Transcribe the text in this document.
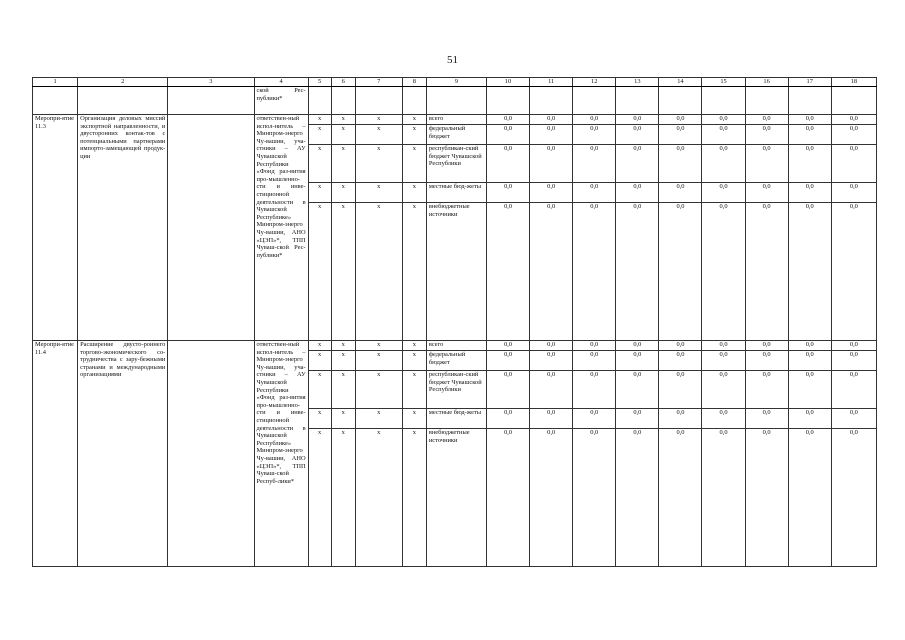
51
1	2	3	4	5	6	7	8	9	10	11	12	13	14	15	16	17	18
			ской Рес-публики*														
Меропри-ятие 11.3	Организация деловых миссий экспортной направленности, и двусторонних контак-тов с потенциальными партнерами импорто-замещающей продук-ции		ответствен-ный испол-нитель – Минпром-энерго Чу-вашии, уча-стники – АУ Чувашской Республики «Фонд раз-вития про-мышленно-сти и инве-стиционной деятельности в Чувашской Республике» Минпром-энерго Чу-вашии, АНО «ЦЭП»*, ТПП Чуваш-ской Рес-публики*	x	x	x	x	всего	0,0	0,0	0,0	0,0	0,0	0,0	0,0	0,0	0,0
				x	x	x	x	федеральный бюджет	0,0	0,0	0,0	0,0	0,0	0,0	0,0	0,0	0,0
				x	x	x	x	республикан-ский бюджет Чувашской Республики	0,0	0,0	0,0	0,0	0,0	0,0	0,0	0,0	0,0
				x	x	x	x	местные бюд-жеты	0,0	0,0	0,0	0,0	0,0	0,0	0,0	0,0	0,0
				x	x	x	x	внебюджетные источники	0,0	0,0	0,0	0,0	0,0	0,0	0,0	0,0	0,0
Меропри-ятие 11.4	Расширение двусто-роннего торгово-экономического со-трудничества с зару-бежными странами и международными организациями		ответствен-ный испол-нитель – Минпром-энерго Чу-вашии, уча-стники – АУ Чувашской Республики «Фонд раз-вития про-мышленно-сти и инве-стиционной деятельности в Чувашской Республике» Минпром-энерго Чу-вашии, АНО «ЦЭП»*, ТПП Чуваш-ской Респуб-лики*	x	x	x	x	всего	0,0	0,0	0,0	0,0	0,0	0,0	0,0	0,0	0,0
				x	x	x	x	федеральный бюджет	0,0	0,0	0,0	0,0	0,0	0,0	0,0	0,0	0,0
				x	x	x	x	республикан-ский бюджет Чувашской Республики	0,0	0,0	0,0	0,0	0,0	0,0	0,0	0,0	0,0
				x	x	x	x	местные бюд-жеты	0,0	0,0	0,0	0,0	0,0	0,0	0,0	0,0	0,0
				x	x	x	x	внебюджетные источники	0,0	0,0	0,0	0,0	0,0	0,0	0,0	0,0	0,0
